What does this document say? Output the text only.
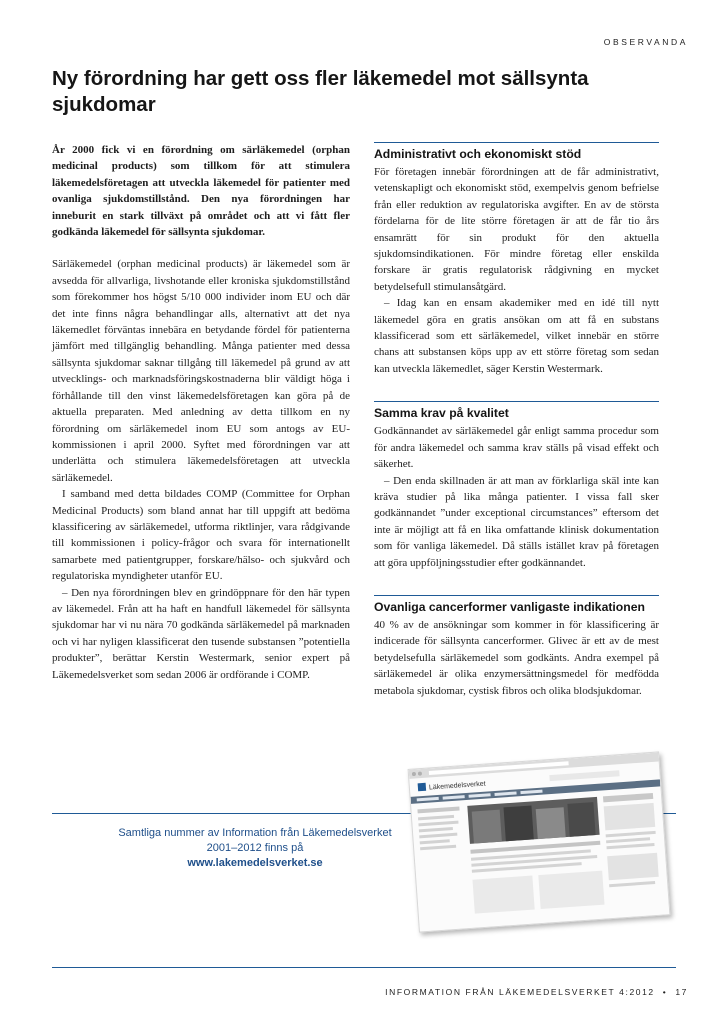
OBSERVANDA
Ny förordning har gett oss fler läkemedel mot sällsynta sjukdomar

År 2000 fick vi en förordning om särläkemedel (orphan medicinal products) som tillkom för att stimulera läkemedelsföretagen att utveckla läkemedel för patienter med ovanliga sjukdomstillstånd. Den nya förordningen har inneburit en stark tillväxt på området och att vi fått fler godkända läkemedel för sällsynta sjukdomar.

Särläkemedel (orphan medicinal products) är läkemedel som är avsedda för allvarliga, livshotande eller kroniska sjukdomstillstånd som förekommer hos högst 5/10 000 individer inom EU och där det inte finns några behandlingar alls, alternativt att det nya läkemedlet förväntas innebära en betydande fördel för patienterna jämfört med tillgänglig behandling. Många patienter med dessa sällsynta sjukdomar saknar tillgång till läkemedel på grund av att utvecklings- och marknadsföringskostnaderna blir väldigt höga i förhållande till den vinst läkemedelsföretagen kan göra på de aktuella preparaten. Med anledning av detta tillkom en ny förordning om särläkemedel inom EU som antogs av EU-kommissionen i april 2000. Syftet med förordningen var att underlätta och stimulera läkemedelsföretagen att utveckla särläkemedel.

I samband med detta bildades COMP (Committee for Orphan Medicinal Products) som bland annat har till uppgift att bedöma klassificering av särläkemedel, utforma riktlinjer, vara rådgivande till kommissionen i policy-frågor och svara för internationellt samarbete med patientgrupper, forskare/hälso- och sjukvård och regulatoriska myndigheter utanför EU.

– Den nya förordningen blev en grindöppnare för den här typen av läkemedel. Från att ha haft en handfull läkemedel för sällsynta sjukdomar har vi nu nära 70 godkända särläkemedel på marknaden och vi har nyligen klassificerat den tusende substansen ”potentiella produkter”, berättar Kerstin Westermark, senior expert på Läkemedelsverket som sedan 2006 är ordförande i COMP.

Administrativt och ekonomiskt stöd

För företagen innebär förordningen att de får administrativt, vetenskapligt och ekonomiskt stöd, exempelvis genom befrielse från eller reduktion av regulatoriska avgifter. En av de största fördelarna för de lite större företagen är att de får tio års ensamrätt för sin produkt för den aktuella sjukdomsindikationen. För mindre företag eller enskilda forskare är gratis regulatorisk rådgivning en mycket betydelsefull stimulansåtgärd.

– Idag kan en ensam akademiker med en idé till nytt läkemedel göra en gratis ansökan om att få en substans klassificerad som ett särläkemedel, vilket innebär en större chans att substansen köps upp av ett större företag som sedan kan utveckla läkemedlet, säger Kerstin Westermark.

Samma krav på kvalitet

Godkännandet av särläkemedel går enligt samma procedur som för andra läkemedel och samma krav ställs på visad effekt och säkerhet.

– Den enda skillnaden är att man av förklarliga skäl inte kan kräva studier på lika många patienter. I vissa fall sker godkännandet ”under exceptional circumstances” eftersom det inte är möjligt att få en lika omfattande klinisk dokumentation som för vanliga läkemedel. Då ställs istället krav på företagen att göra uppföljningsstudier efter godkännandet.

Ovanliga cancerformer vanligaste indikationen

40 % av de ansökningar som kommer in för klassificering är indicerade för sällsynta cancerformer. Glivec är ett av de mest betydelsefulla särläkemedel som godkänts. Andra exempel på särläkemedel är olika enzymersättningsmedel för medfödda metabola sjukdomar, cystisk fibros och olika blodsjukdomar.

Samtliga nummer av Information från Läkemedelsverket
2001–2012 finns på
www.lakemedelsverket.se
Läkemedelsverket
INFORMATION FRÅN LÄKEMEDELSVERKET 4:2012 • 17
